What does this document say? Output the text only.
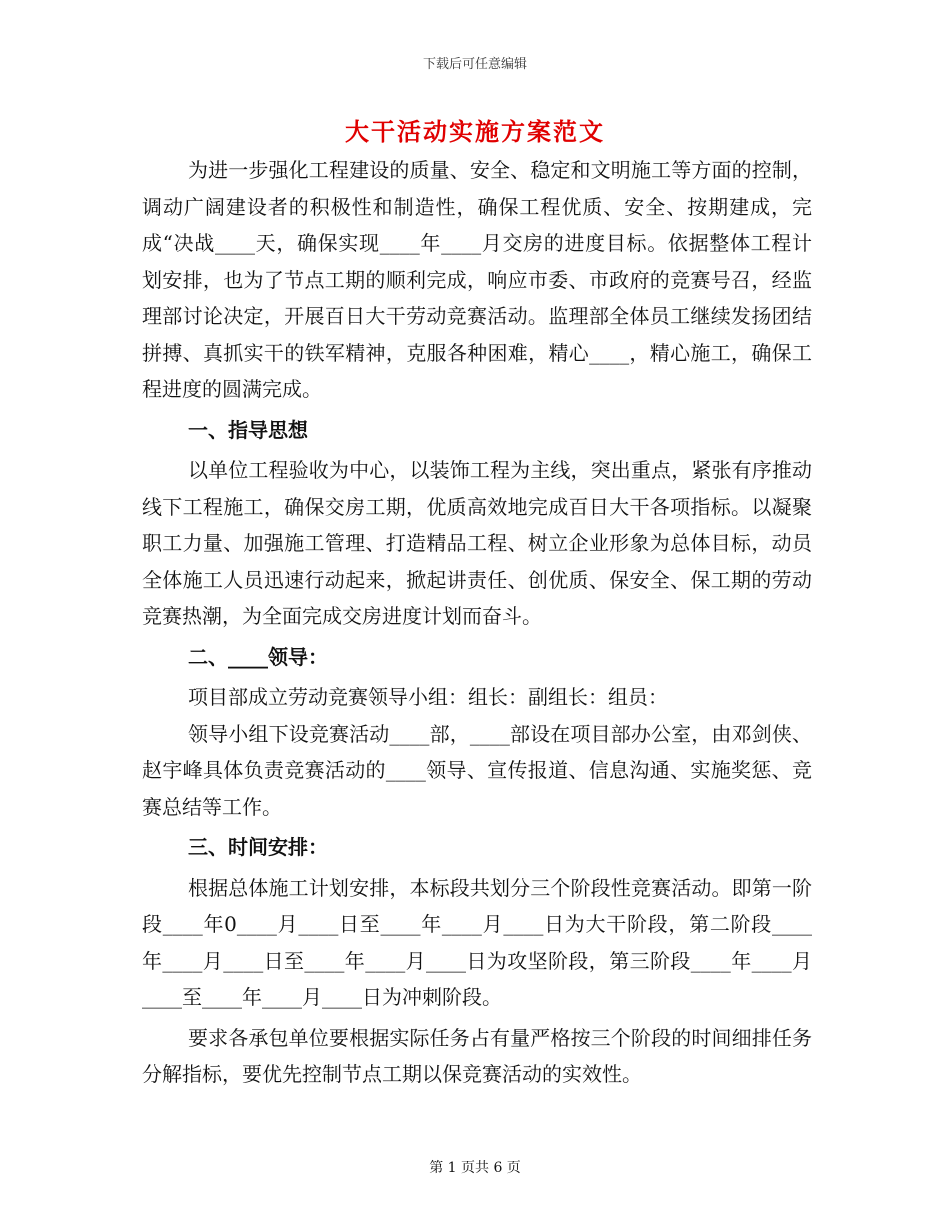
下载后可任意编辑
大干活动实施方案范文

为进一步强化工程建设的质量、安全、稳定和文明施工等方面的控制，调动广阔建设者的积极性和制造性，确保工程优质、安全、按期建成，完成“决战____天，确保实现____年____月交房的进度目标。依据整体工程计划安排，也为了节点工期的顺利完成，响应市委、市政府的竞赛号召，经监理部讨论决定，开展百日大干劳动竞赛活动。监理部全体员工继续发扬团结拼搏、真抓实干的铁军精神，克服各种困难，精心____，精心施工，确保工程进度的圆满完成。

一、指导思想

以单位工程验收为中心，以装饰工程为主线，突出重点，紧张有序推动线下工程施工，确保交房工期，优质高效地完成百日大干各项指标。以凝聚职工力量、加强施工管理、打造精品工程、树立企业形象为总体目标，动员全体施工人员迅速行动起来，掀起讲责任、创优质、保安全、保工期的劳动竞赛热潮，为全面完成交房进度计划而奋斗。

二、____领导：

项目部成立劳动竞赛领导小组：组长：副组长：组员：

领导小组下设竞赛活动____部，____部设在项目部办公室，由邓剑侠、赵宇峰具体负责竞赛活动的____领导、宣传报道、信息沟通、实施奖惩、竞赛总结等工作。

三、时间安排：

根据总体施工计划安排，本标段共划分三个阶段性竞赛活动。即第一阶段____年0____月____日至____年____月____日为大干阶段，第二阶段____年____月____日至____年____月____日为攻坚阶段，第三阶段____年____月____至____年____月____日为冲刺阶段。

要求各承包单位要根据实际任务占有量严格按三个阶段的时间细排任务分解指标，要优先控制节点工期以保竞赛活动的实效性。

第 1 页共 6 页
